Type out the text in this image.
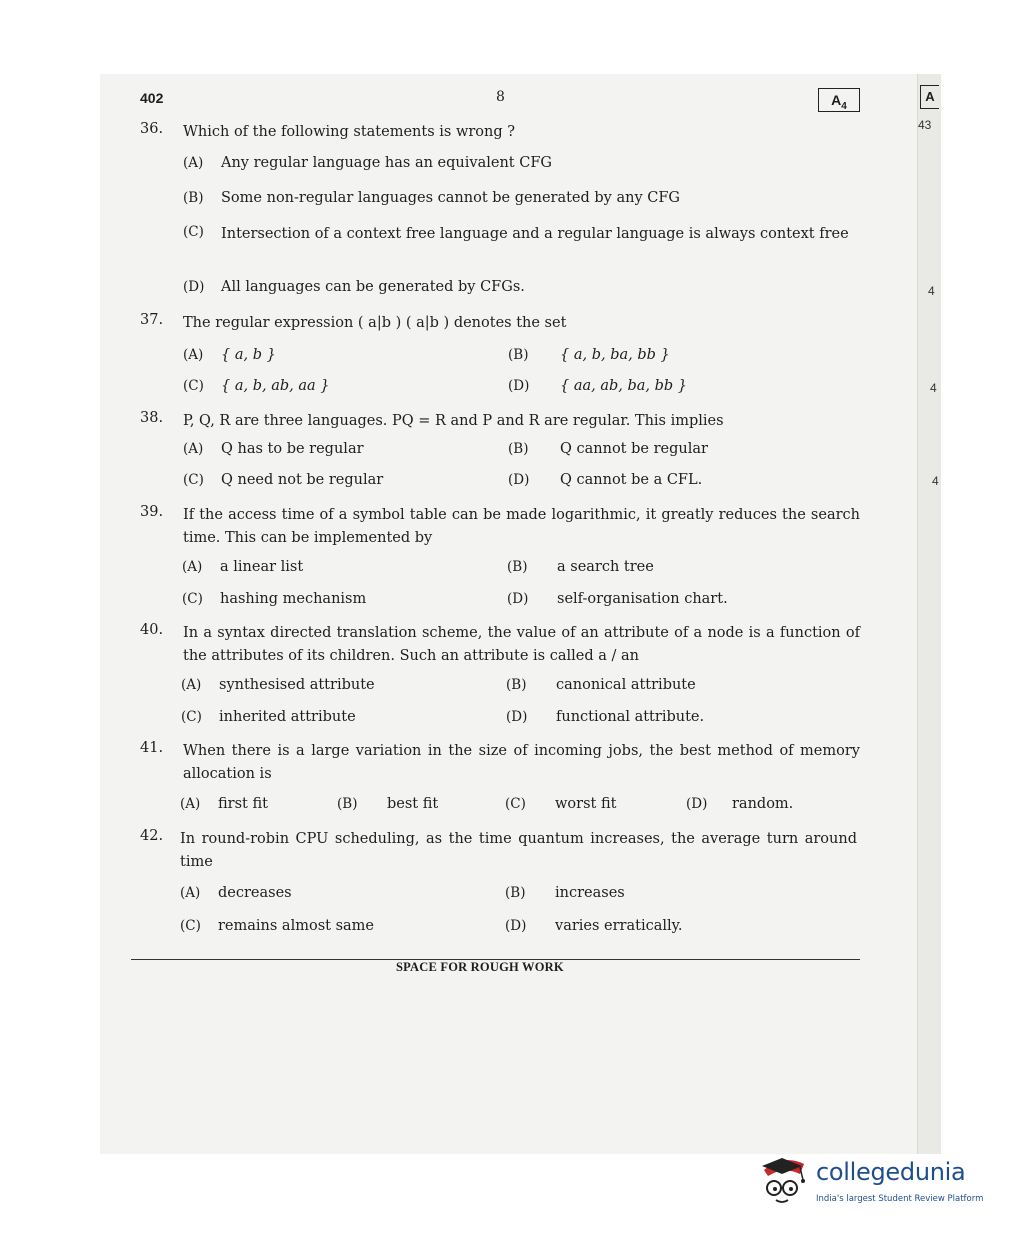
402	8	$A_4$
A
43
4
4
4
36. Which of the following statements is wrong ?
(A) Any regular language has an equivalent CFG
(B) Some non-regular languages cannot be generated by any CFG
(C) Intersection of a context free language and a regular language is always context free
(D) All languages can be generated by CFGs.
37. The regular expression ( a|b ) ( a|b ) denotes the set
(A) { a, b }	(B) { a, b, ba, bb }
(C) { a, b, ab, aa }	(D) { aa, ab, ba, bb }
38. P, Q, R are three languages. PQ = R and P and R are regular. This implies
(A) Q has to be regular	(B) Q cannot be regular
(C) Q need not be regular	(D) Q cannot be a CFL.
39. If the access time of a symbol table can be made logarithmic, it greatly reduces the search time. This can be implemented by
(A) a linear list	(B) a search tree
(C) hashing mechanism	(D) self-organisation chart.
40. In a syntax directed translation scheme, the value of an attribute of a node is a function of the attributes of its children. Such an attribute is called a / an
(A) synthesised attribute	(B) canonical attribute
(C) inherited attribute	(D) functional attribute.
41. When there is a large variation in the size of incoming jobs, the best method of memory allocation is
(A) first fit	(B) best fit	(C) worst fit	(D) random.
42. In round-robin CPU scheduling, as the time quantum increases, the average turn around time
(A) decreases	(B) increases
(C) remains almost same	(D) varies erratically.
SPACE FOR ROUGH WORK
collegedunia
India's largest Student Review Platform
